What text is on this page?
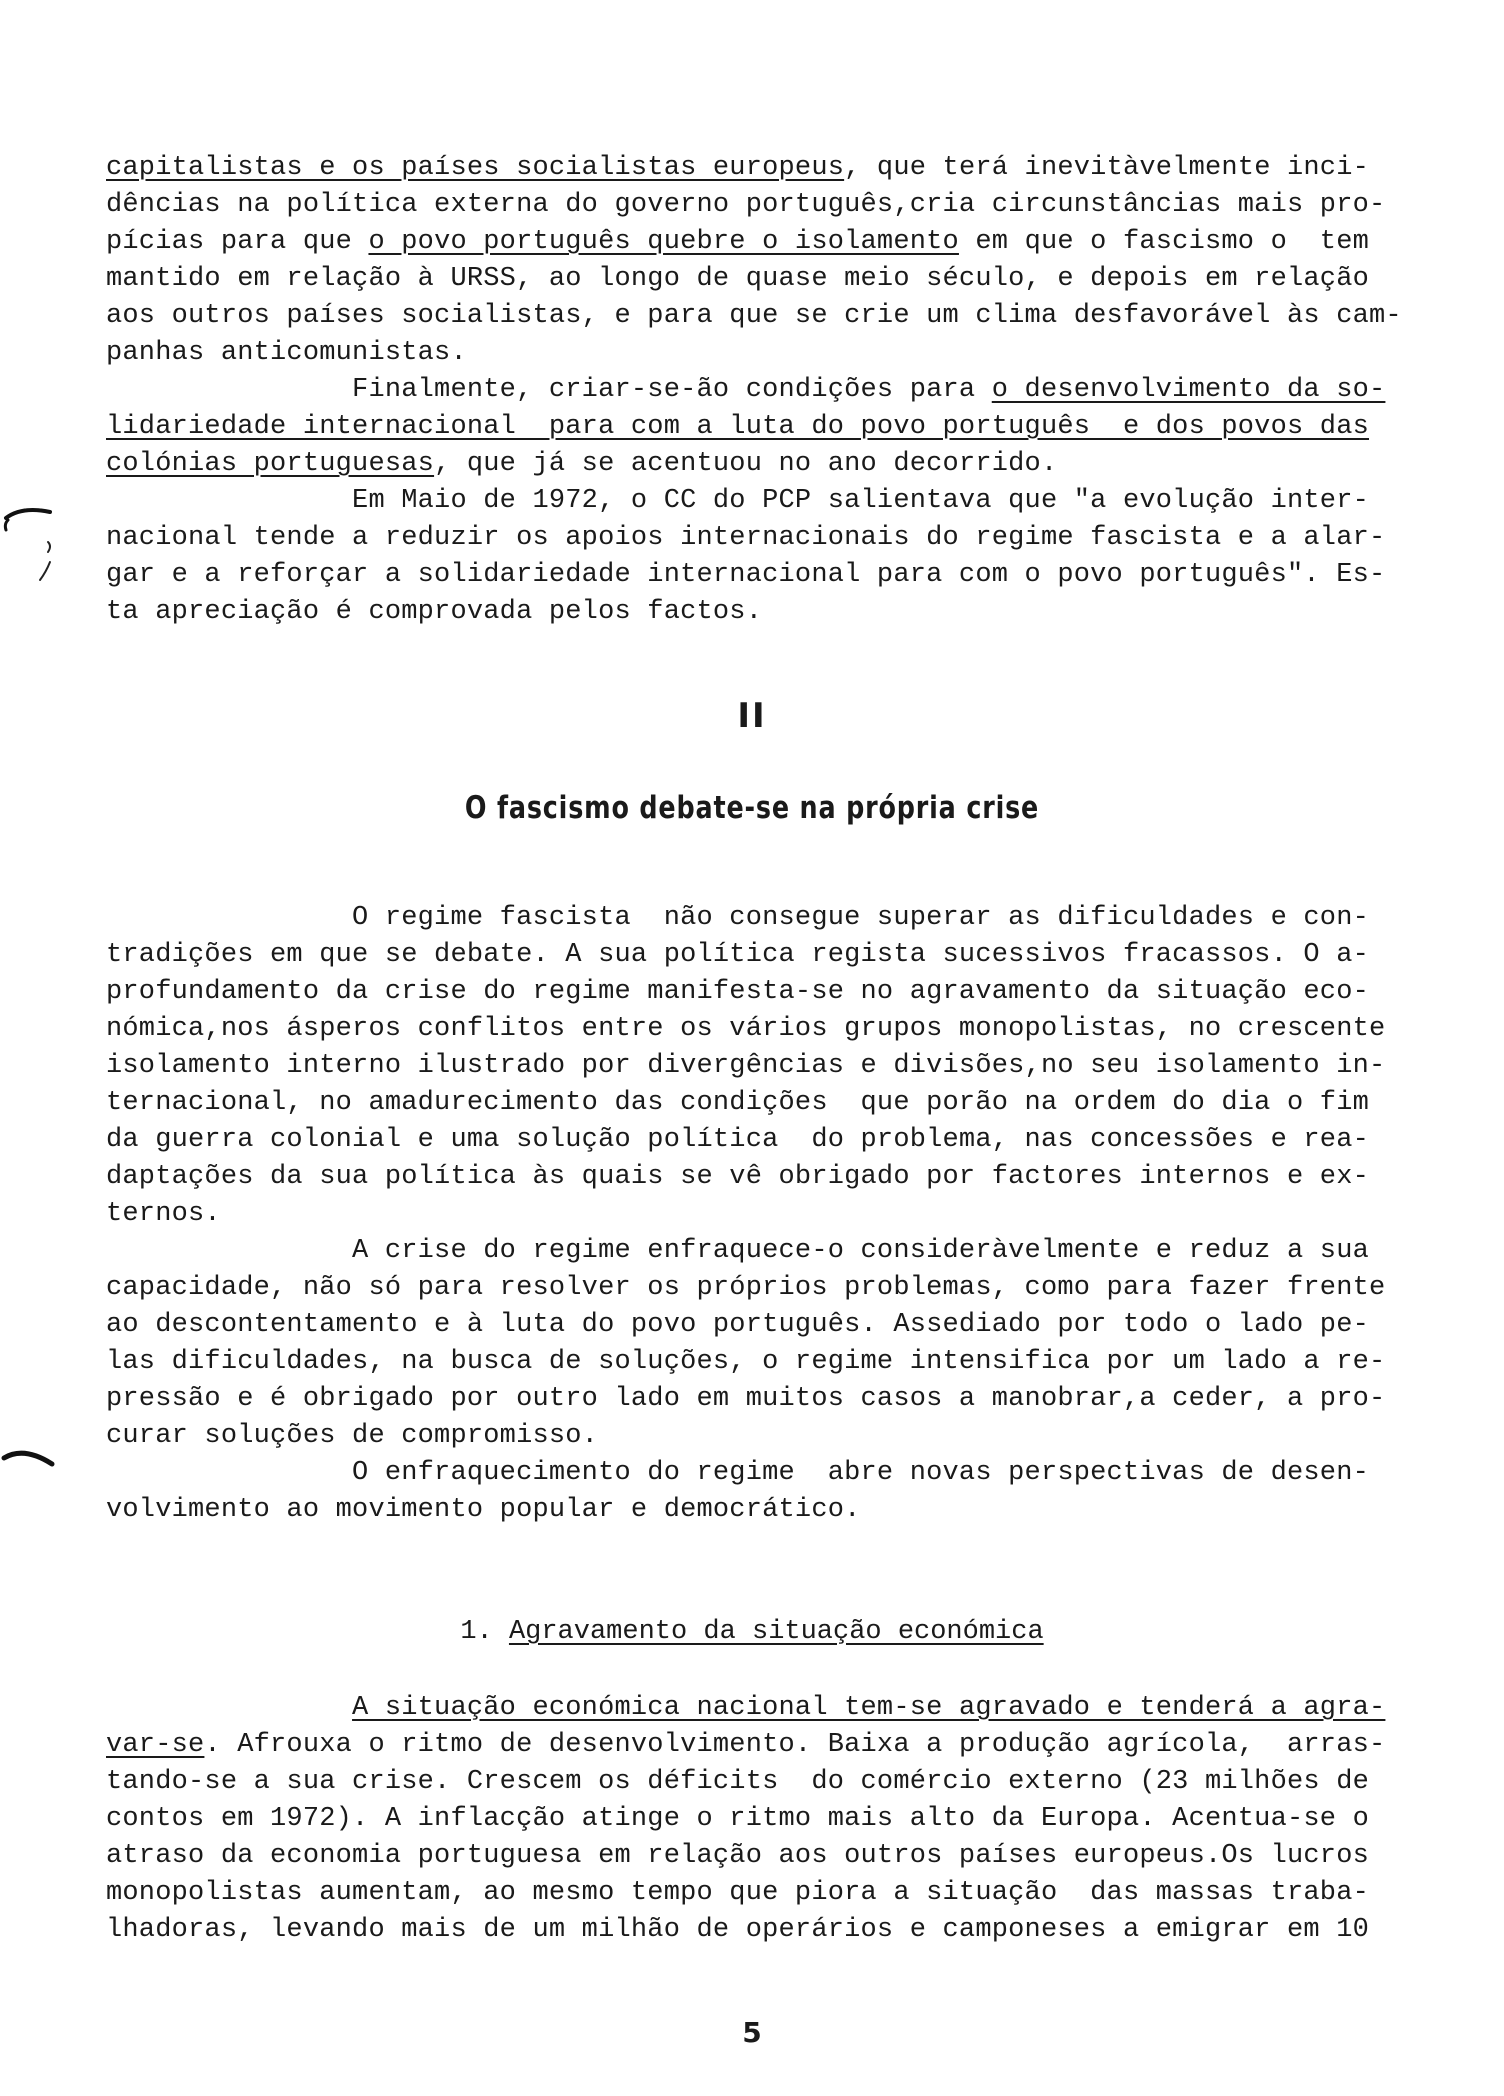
capitalistas e os países socialistas europeus, que terá inevitàvelmente inci-
dências na política externa do governo português,cria circunstâncias mais pro-
pícias para que o povo português quebre o isolamento em que o fascismo o  tem
mantido em relação à URSS, ao longo de quase meio século, e depois em relação
aos outros países socialistas, e para que se crie um clima desfavorável às cam-
panhas anticomunistas.
Finalmente, criar-se-ão condições para o desenvolvimento da so-
lidariedade internacional  para com a luta do povo português  e dos povos das
colónias portuguesas, que já se acentuou no ano decorrido.
Em Maio de 1972, o CC do PCP salientava que "a evolução inter-
nacional tende a reduzir os apoios internacionais do regime fascista e a alar-
gar e a reforçar a solidariedade internacional para com o povo português". Es-
ta apreciação é comprovada pelos factos.
II
O fascismo debate-se na própria crise
O regime fascista  não consegue superar as dificuldades e con-
tradições em que se debate. A sua política regista sucessivos fracassos. O a-
profundamento da crise do regime manifesta-se no agravamento da situação eco-
nómica,nos ásperos conflitos entre os vários grupos monopolistas, no crescente
isolamento interno ilustrado por divergências e divisões,no seu isolamento in-
ternacional, no amadurecimento das condições  que porão na ordem do dia o fim
da guerra colonial e uma solução política  do problema, nas concessões e rea-
daptações da sua política às quais se vê obrigado por factores internos e ex-
ternos.
A crise do regime enfraquece-o consideràvelmente e reduz a sua
capacidade, não só para resolver os próprios problemas, como para fazer frente
ao descontentamento e à luta do povo português. Assediado por todo o lado pe-
las dificuldades, na busca de soluções, o regime intensifica por um lado a re-
pressão e é obrigado por outro lado em muitos casos a manobrar,a ceder, a pro-
curar soluções de compromisso.
O enfraquecimento do regime  abre novas perspectivas de desen-
volvimento ao movimento popular e democrático.
1. Agravamento da situação económica
A situação económica nacional tem-se agravado e tenderá a agra-
var-se. Afrouxa o ritmo de desenvolvimento. Baixa a produção agrícola,  arras-
tando-se a sua crise. Crescem os déficits  do comércio externo (23 milhões de
contos em 1972). A inflacção atinge o ritmo mais alto da Europa. Acentua-se o
atraso da economia portuguesa em relação aos outros países europeus.Os lucros
monopolistas aumentam, ao mesmo tempo que piora a situação  das massas traba-
lhadoras, levando mais de um milhão de operários e camponeses a emigrar em 10
5
